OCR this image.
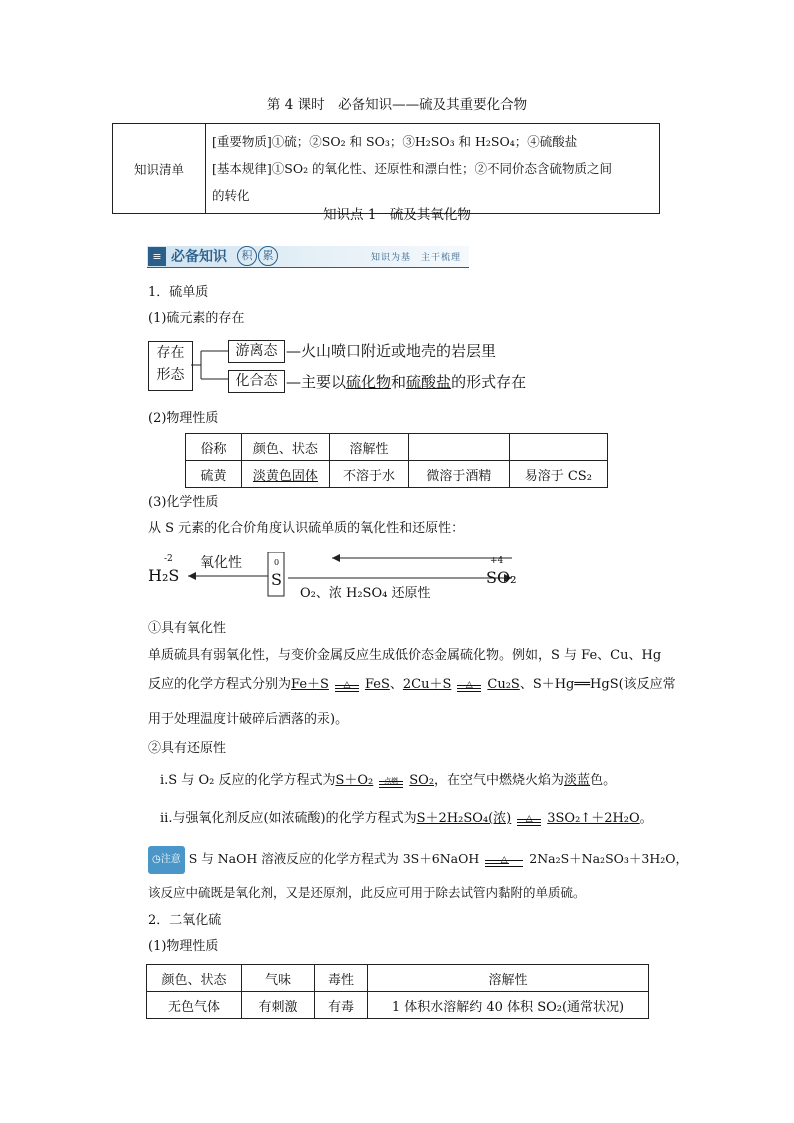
第 4 课时　必备知识——硫及其重要化合物
知识清单	
[重要物质]①硫；②SO₂ 和 SO₃；③H₂SO₃ 和 H₂SO₄；④硫酸盐
[基本规律]①SO₂ 的氧化性、还原性和漂白性；②不同价态含硫物质之间
的转化
知识点 1　硫及其氧化物
≡ 必备知识	积 累	知识为基　主干梳理
1．硫单质
(1)硫元素的存在
存在
形态
游离态 —火山喷口附近或地壳的岩层里
化合态 —主要以硫化物和硫酸盐的形式存在
(2)物理性质
俗称	颜色、状态	溶解性		
硫黄	淡黄色固体	不溶于水	微溶于酒精	易溶于 CS₂
(3)化学性质
从 S 元素的化合价角度认识硫单质的氧化性和还原性：
-2
H₂S
氧化性	0
S
O₂、浓 H₂SO₄ 还原性
+4
SO₂
①具有氧化性
单质硫具有弱氧化性，与变价金属反应生成低价态金属硫化物。例如，S 与 Fe、Cu、Hg
反应的化学方程式分别为Fe＋S	△	FeS、2Cu＋S	△	Cu₂S、S＋Hg══HgS(该反应常
用于处理温度计破碎后洒落的汞)。
②具有还原性
ⅰ.S 与 O₂ 反应的化学方程式为S＋O₂	点燃 SO₂，在空气中燃烧火焰为淡蓝色。
ⅱ.与强氧化剂反应(如浓硫酸)的化学方程式为S＋2H₂SO₄(浓)	△	3SO₂↑＋2H₂O。
◷注意 S 与 NaOH 溶液反应的化学方程式为 3S＋6NaOH	△	2Na₂S＋Na₂SO₃＋3H₂O，
该反应中硫既是氧化剂，又是还原剂，此反应可用于除去试管内黏附的单质硫。
2．二氧化硫
(1)物理性质
颜色、状态	气味	毒性	溶解性
无色气体	有刺激	有毒	1 体积水溶解约 40 体积 SO₂(通常状况)
